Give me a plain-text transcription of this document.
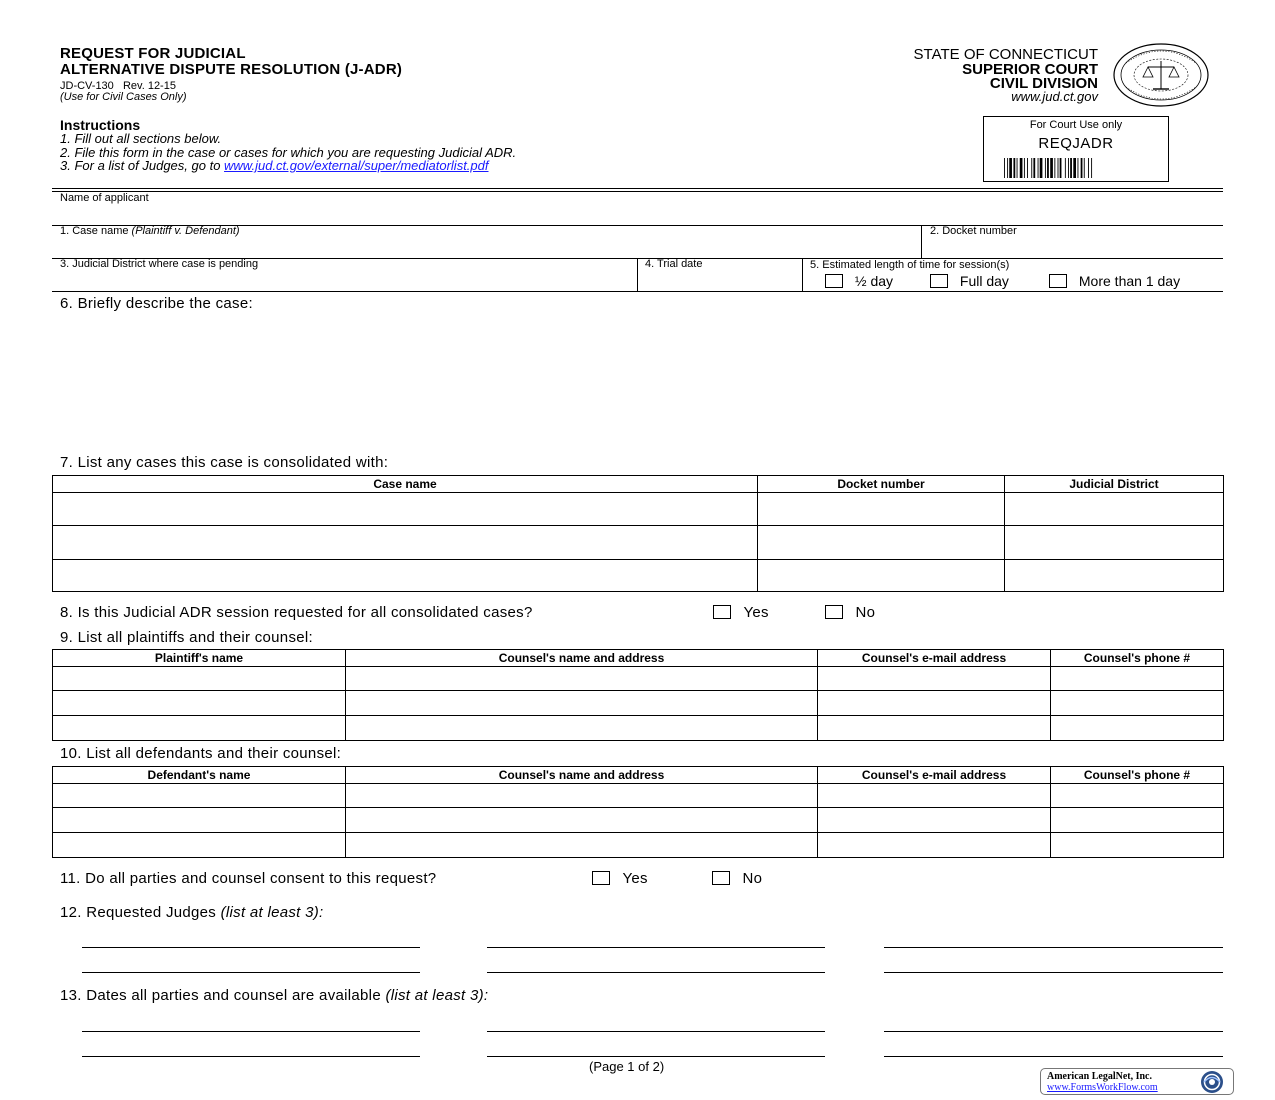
REQUEST FOR JUDICIAL
ALTERNATIVE DISPUTE RESOLUTION (J-ADR)
JD-CV-130   Rev. 12-15
(Use for Civil Cases Only)
STATE OF CONNECTICUT
SUPERIOR COURT
CIVIL DIVISION
www.jud.ct.gov
Instructions
1. Fill out all sections below.
2. File this form in the case or cases for which you are requesting Judicial ADR.
3. For a list of Judges, go to www.jud.ct.gov/external/super/mediatorlist.pdf
For Court Use only
REQJADR
Name of applicant
1. Case name (Plaintiff v. Defendant)	2. Docket number
3. Judicial District where case is pending	4. Trial date	5. Estimated length of time for session(s)
½ day	Full day	More than 1 day
6. Briefly describe the case:
7. List any cases this case is consolidated with:
Case name	Docket number	Judicial District

8. Is this Judicial ADR session requested for all consolidated cases?	Yes	No
9. List all plaintiffs and their counsel:
Plaintiff's name	Counsel's name and address	Counsel's e-mail address	Counsel's phone #

10. List all defendants and their counsel:
Defendant's name	Counsel's name and address	Counsel's e-mail address	Counsel's phone #

11. Do all parties and counsel consent to this request?	Yes	No
12. Requested Judges (list at least 3):
13. Dates all parties and counsel are available (list at least 3):
(Page 1 of 2)
American LegalNet, Inc.
www.FormsWorkFlow.com
